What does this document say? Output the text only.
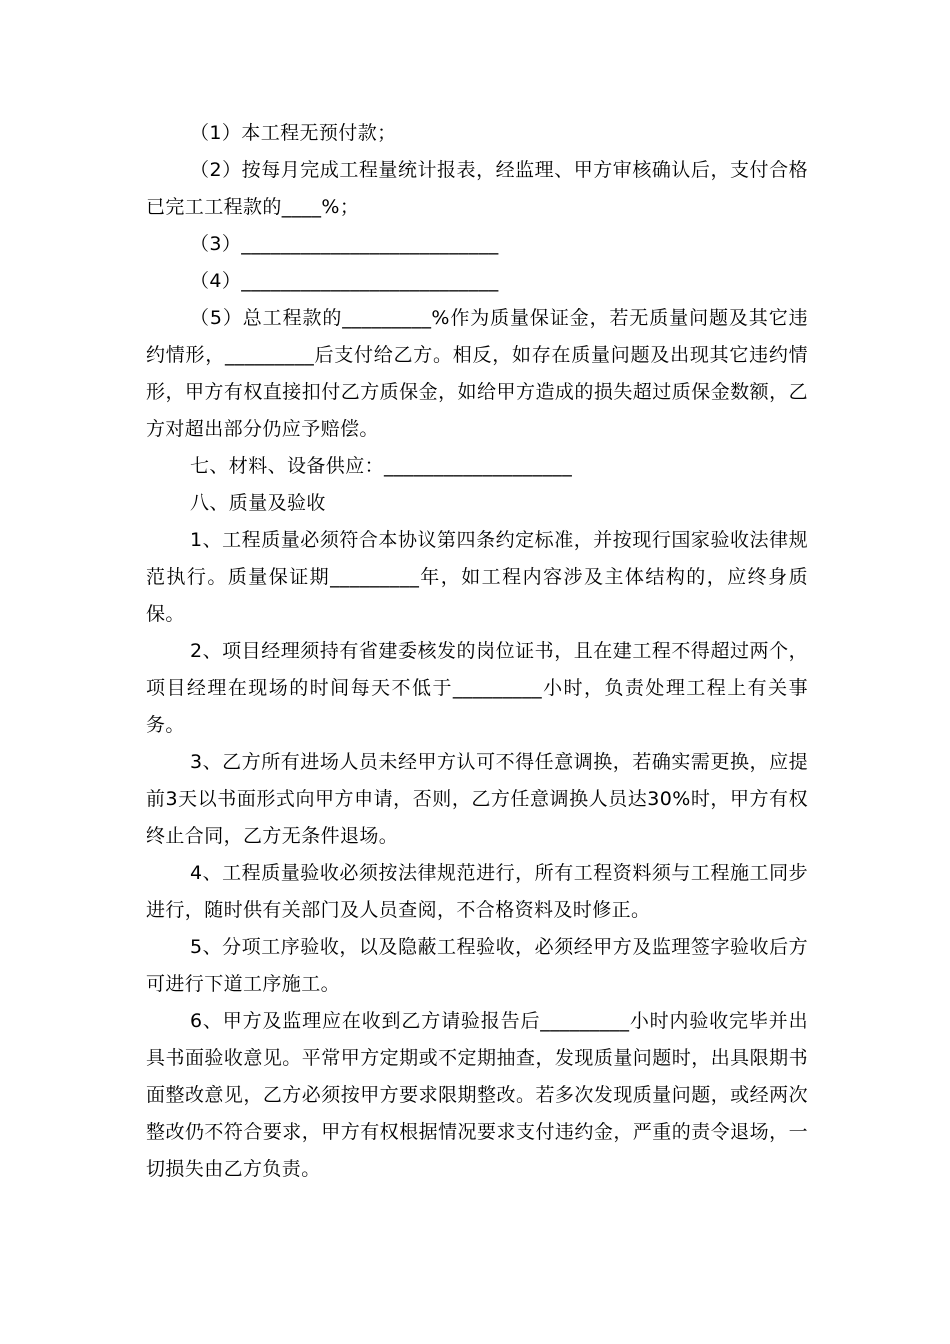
（1）本工程无预付款；

（2）按每月完成工程量统计报表，经监理、甲方审核确认后，支付合格已完工工程款的____%；

（3）__________________________

（4）__________________________

（5）总工程款的_________%作为质量保证金，若无质量问题及其它违约情形，_________后支付给乙方。相反，如存在质量问题及出现其它违约情形，甲方有权直接扣付乙方质保金，如给甲方造成的损失超过质保金数额，乙方对超出部分仍应予赔偿。

七、材料、设备供应：___________________

八、质量及验收

1、工程质量必须符合本协议第四条约定标准，并按现行国家验收法律规范执行。质量保证期_________年，如工程内容涉及主体结构的，应终身质保。

2、项目经理须持有省建委核发的岗位证书，且在建工程不得超过两个，项目经理在现场的时间每天不低于_________小时，负责处理工程上有关事务。

3、乙方所有进场人员未经甲方认可不得任意调换，若确实需更换，应提前3天以书面形式向甲方申请，否则，乙方任意调换人员达30%时，甲方有权终止合同，乙方无条件退场。

4、工程质量验收必须按法律规范进行，所有工程资料须与工程施工同步进行，随时供有关部门及人员查阅，不合格资料及时修正。

5、分项工序验收，以及隐蔽工程验收，必须经甲方及监理签字验收后方可进行下道工序施工。

6、甲方及监理应在收到乙方请验报告后_________小时内验收完毕并出具书面验收意见。平常甲方定期或不定期抽查，发现质量问题时，出具限期书面整改意见，乙方必须按甲方要求限期整改。若多次发现质量问题，或经两次整改仍不符合要求，甲方有权根据情况要求支付违约金，严重的责令退场，一切损失由乙方负责。
